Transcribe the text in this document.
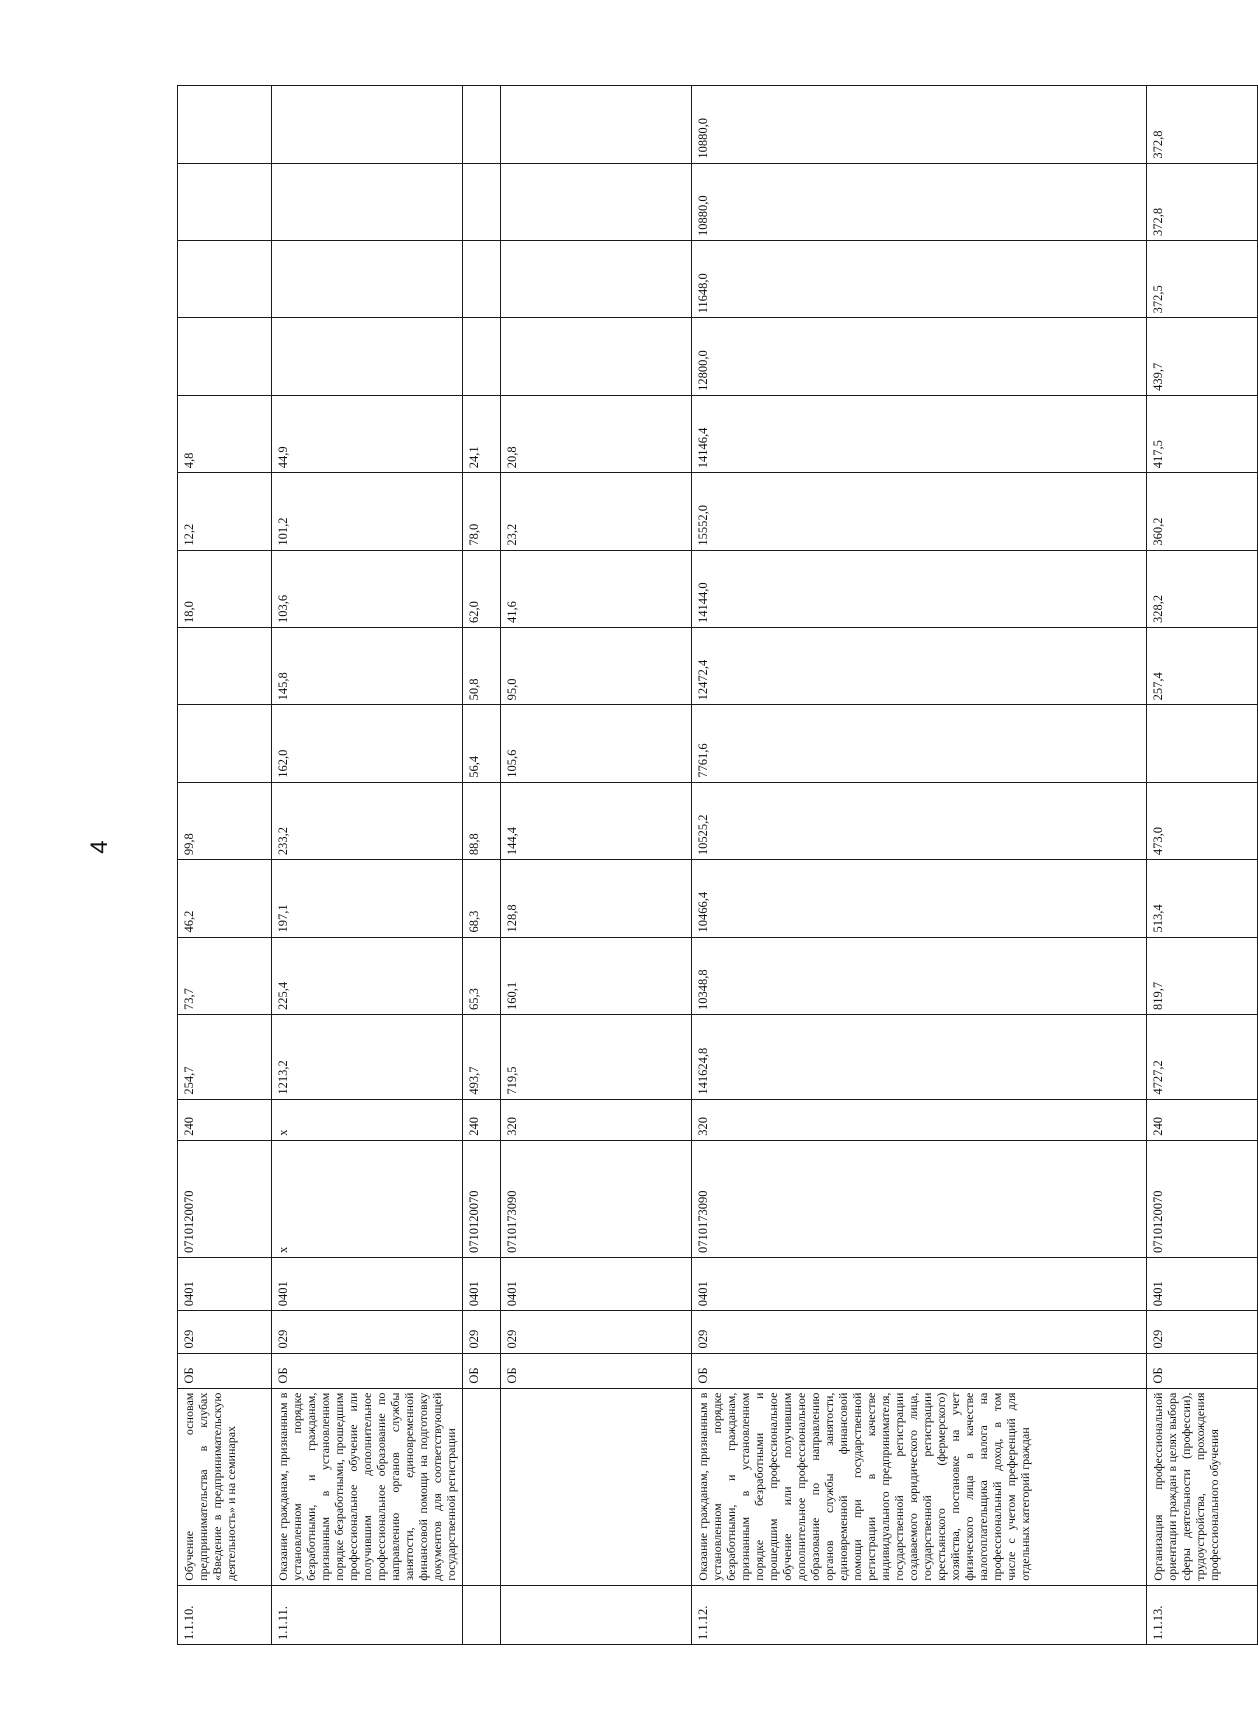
4
1.1.10.	Обучение основам предпринимательства в клубах «Введение в предпринимательскую деятельность» и на семинарах	ОБ	029	0401	0710120070	240	254,7	73,7	46,2	99,8			18,0	12,2	4,8				
1.1.11.	Оказание гражданам, признанным в установленном порядке безработными, и гражданам, признанным в установленном порядке безработными, прошедшим профессиональное обучение или получившим дополнительное профессиональное образование по направлению органов службы занятости, единовременной финансовой помощи на подготовку документов для соответствующей государственной регистрации	ОБ	029	0401	x	x	1213,2	225,4	197,1	233,2	162,0	145,8	103,6	101,2	44,9				
		ОБ	029	0401	0710120070	240	493,7	65,3	68,3	88,8	56,4	50,8	62,0	78,0	24,1				
		ОБ	029	0401	0710173090	320	719,5	160,1	128,8	144,4	105,6	95,0	41,6	23,2	20,8				
1.1.12.	Оказание гражданам, признанным в установленном порядке безработными, и гражданам, признанным в установленном порядке безработными и прошедшим профессиональное обучение или получившим дополнительное профессиональное образование по направлению органов службы занятости, единовременной финансовой помощи при государственной регистрации в качестве индивидуального предпринимателя, государственной регистрации создаваемого юридического лица, государственной регистрации крестьянского (фермерского) хозяйства, постановке на учет физического лица в качестве налогоплательщика налога на профессиональный доход, в том числе с учетом преференций для отдельных категорий граждан	ОБ	029	0401	0710173090	320	141624,8	10348,8	10466,4	10525,2	7761,6	12472,4	14144,0	15552,0	14146,4	12800,0	11648,0	10880,0	10880,0
1.1.13.	Организация профессиональной ориентации граждан в целях выбора сферы деятельности (профессии), трудоустройства, прохождения профессионального обучения	ОБ	029	0401	0710120070	240	4727,2	819,7	513,4	473,0		257,4	328,2	360,2	417,5	439,7	372,5	372,8	372,8
